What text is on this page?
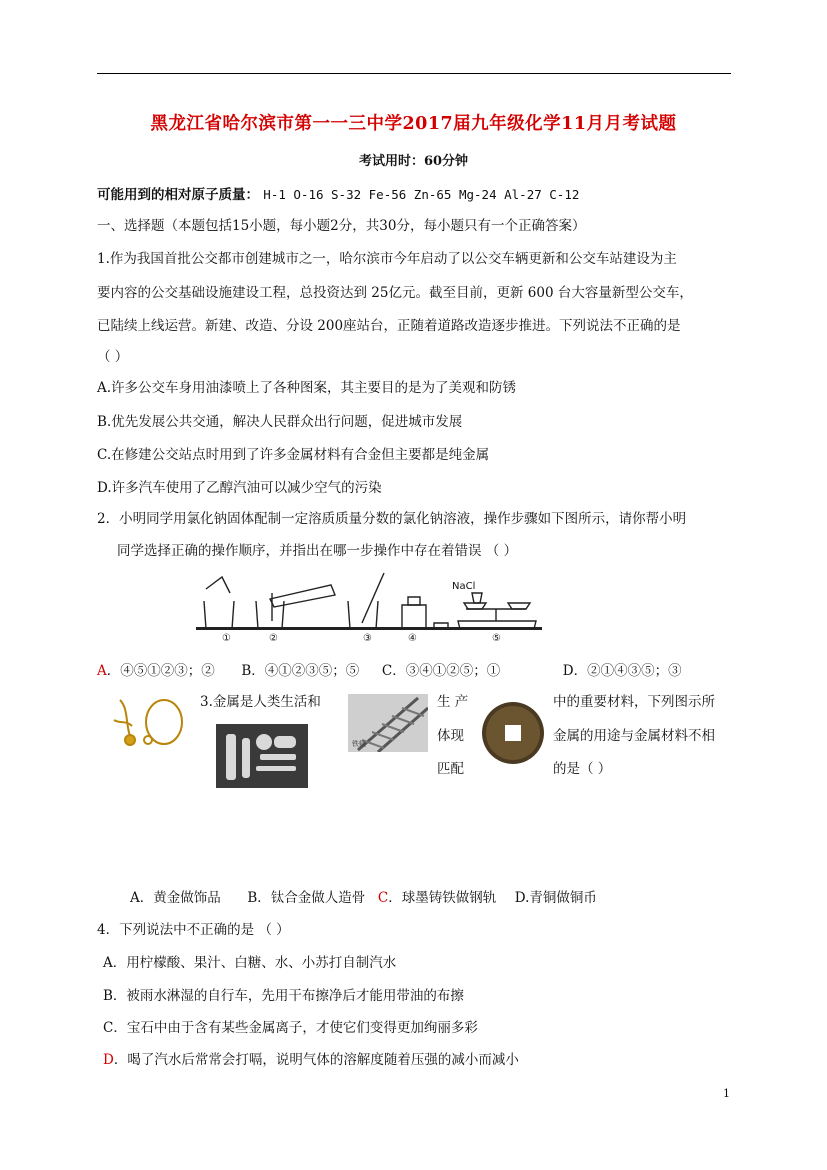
黑龙江省哈尔滨市第一一三中学2017届九年级化学11月月考试题
考试用时：60分钟
可能用到的相对原子质量： H-1 O-16 S-32 Fe-56 Zn-65 Mg-24 Al-27 C-12
一、选择题（本题包括15小题，每小题2分，共30分，每小题只有一个正确答案）
1.作为我国首批公交都市创建城市之一，哈尔滨市今年启动了以公交车辆更新和公交车站建设为主
要内容的公交基础设施建设工程，总投资达到 25亿元。截至目前，更新 600 台大容量新型公交车，
已陆续上线运营。新建、改造、分设 200座站台，正随着道路改造逐步推进。下列说法不正确的是
（ ）
A.许多公交车身用油漆喷上了各种图案，其主要目的是为了美观和防锈
B.优先发展公共交通，解决人民群众出行问题，促进城市发展
C.在修建公交站点时用到了许多金属材料有合金但主要都是纯金属
D.许多汽车使用了乙醇汽油可以减少空气的污染
2．小明同学用氯化钠固体配制一定溶质质量分数的氯化钠溶液，操作步骤如下图所示，请你帮小明
同学选择正确的操作顺序，并指出在哪一步操作中存在着错误 （ ）
①	②	③	④	⑤
NaCl
A．④⑤①②③；② B．④①②③⑤；⑤ C．③④①②⑤；①	D．②①④③⑤；③
铁轨
3.金属是人类生活和	生 产
体现
匹配
中的重要材料，下列图示所
金属的用途与金属材料不相
的是（ ）
A．黄金做饰品 B．钛合金做人造骨 C．球墨铸铁做钢轨 D.青铜做铜币
4．下列说法中不正确的是 （ ）
A．用柠檬酸、果汁、白糖、水、小苏打自制汽水
B．被雨水淋湿的自行车，先用干布擦净后才能用带油的布擦
C．宝石中由于含有某些金属离子，才使它们变得更加绚丽多彩
D．喝了汽水后常常会打嗝，说明气体的溶解度随着压强的减小而减小
1
